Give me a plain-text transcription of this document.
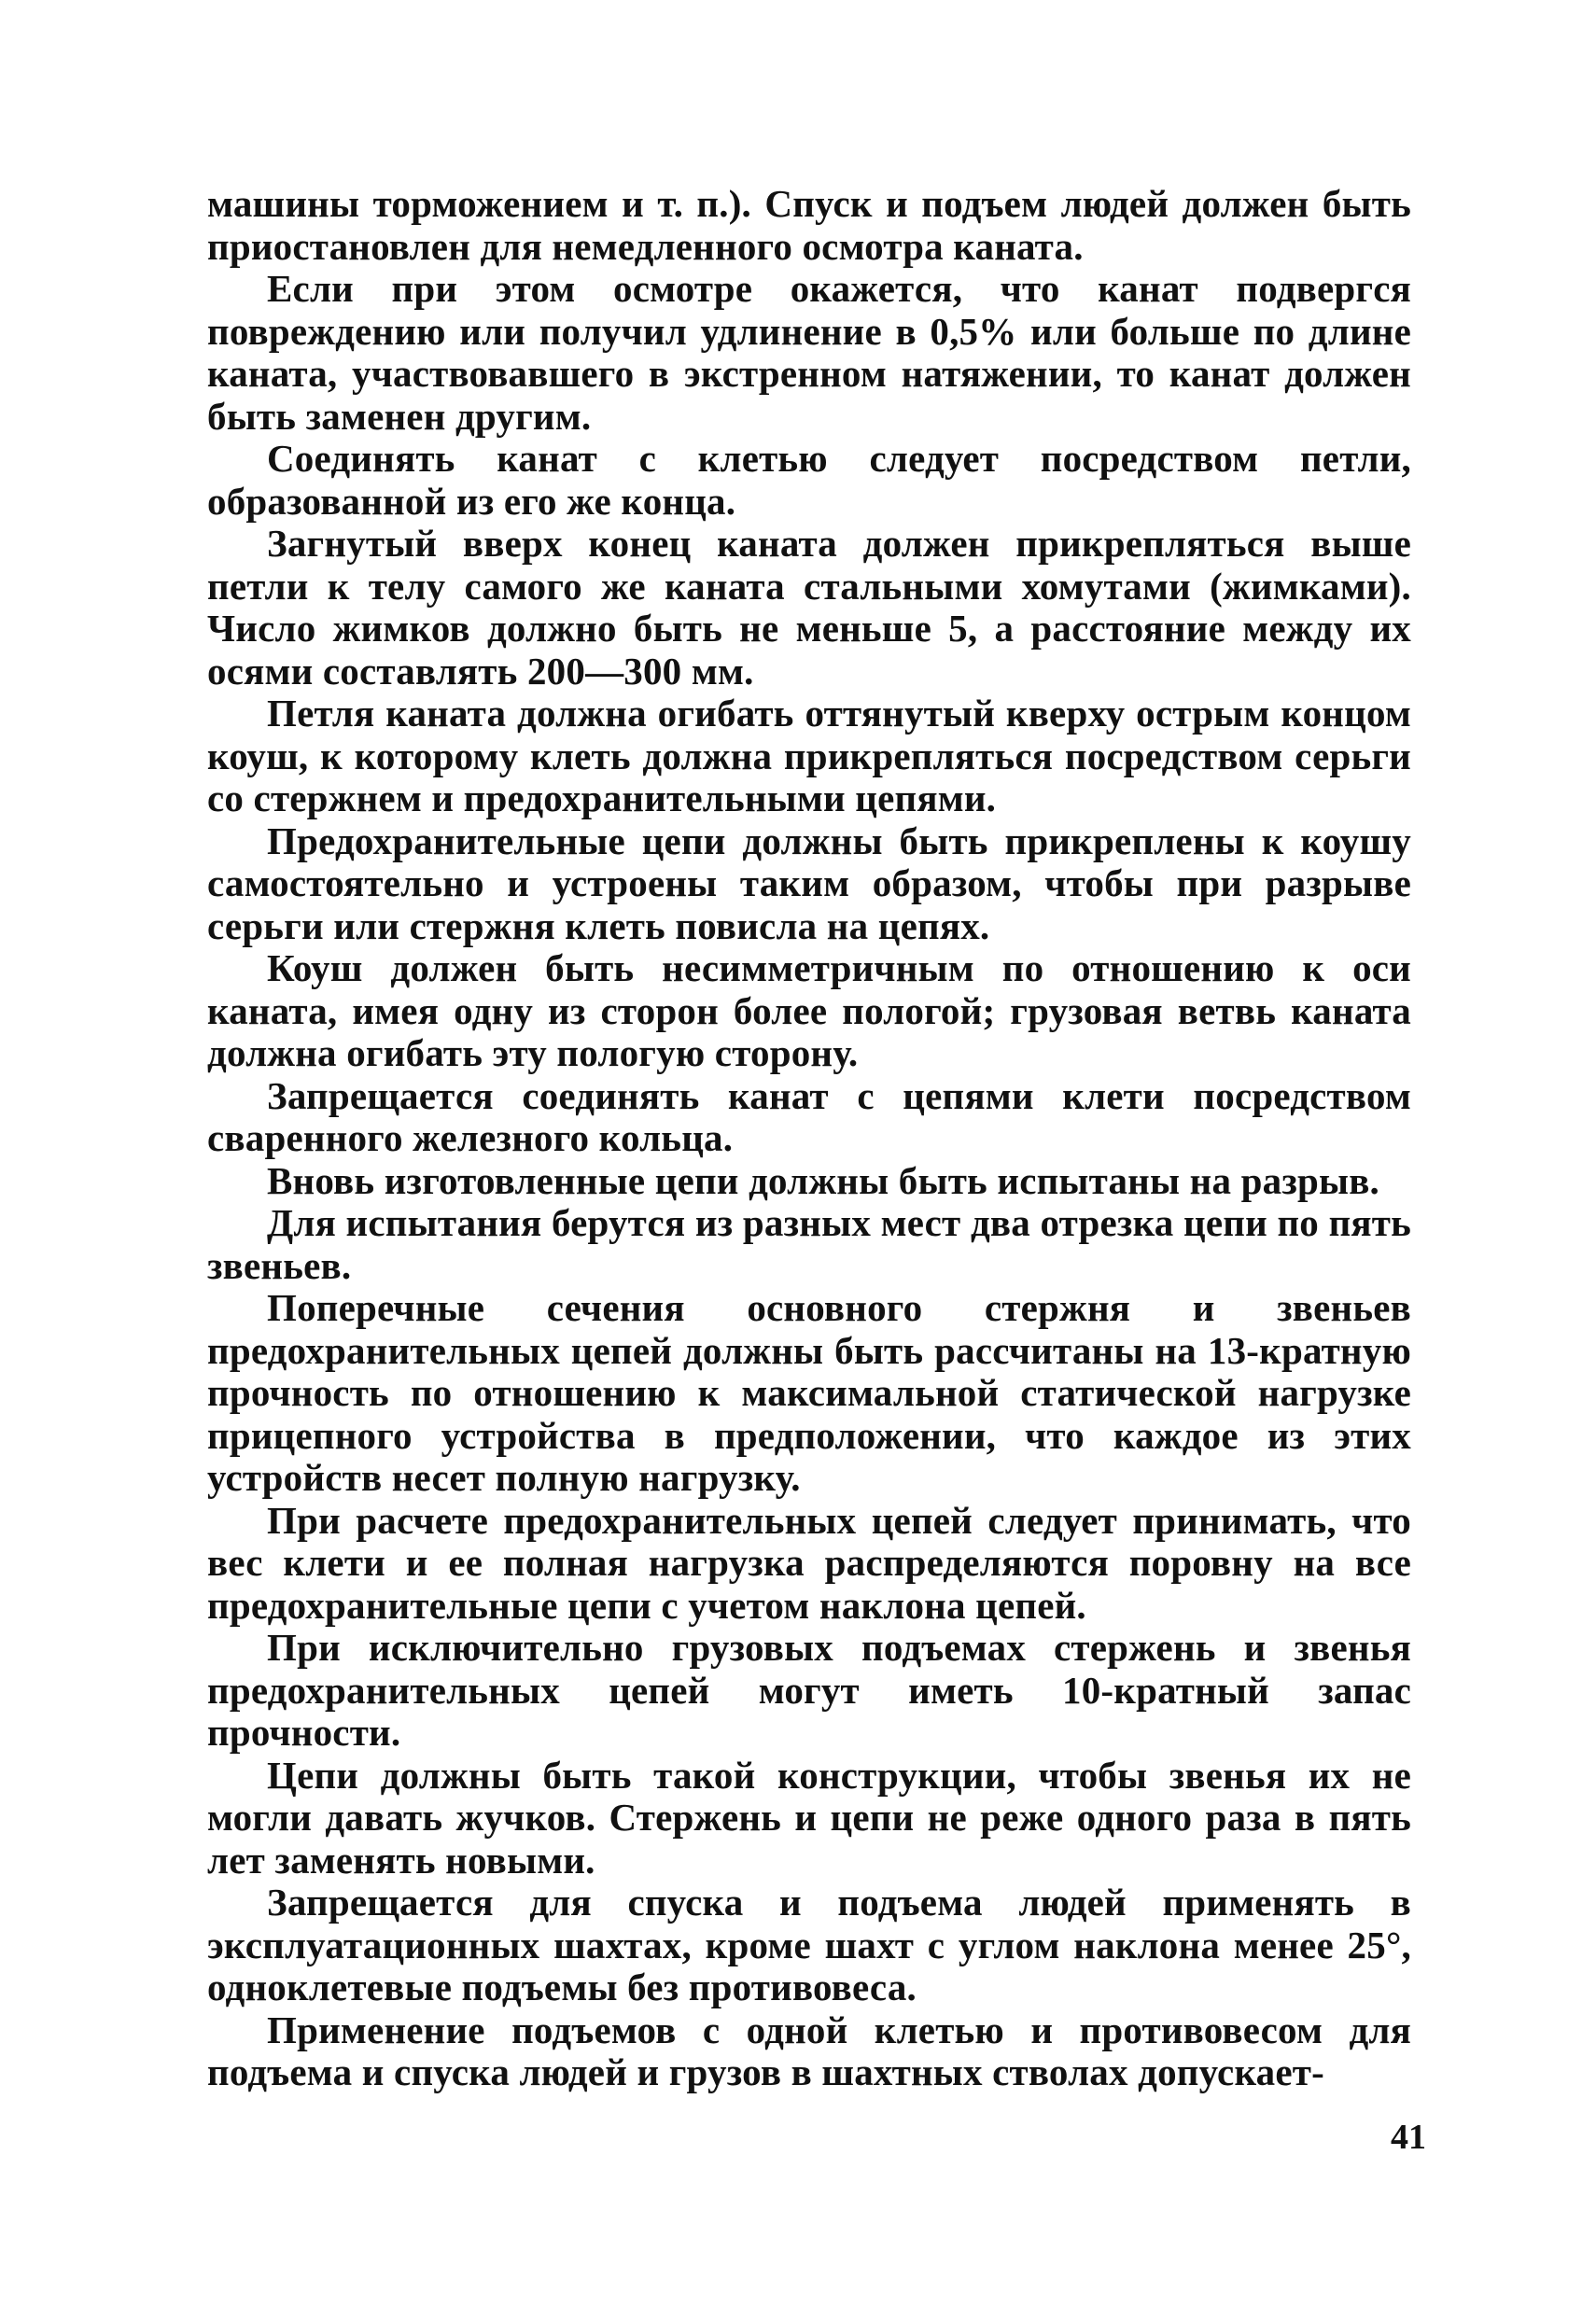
машины торможением и т. п.). Спуск и подъем людей должен быть приостановлен для немедленного осмотра каната.

Если при этом осмотре окажется, что канат подвергся повреждению или получил удлинение в 0,5% или больше по длине каната, участвовавшего в экстренном натяжении, то канат должен быть заменен другим.

Соединять канат с клетью следует посредством петли, образованной из его же конца.

Загнутый вверх конец каната должен прикрепляться выше петли к телу самого же каната стальными хомутами (жимками). Число жимков должно быть не меньше 5, а расстояние между их осями составлять 200—300 мм.

Петля каната должна огибать оттянутый кверху острым концом коуш, к которому клеть должна прикрепляться посредством серьги со стержнем и предохранительными цепями.

Предохранительные цепи должны быть прикреплены к коушу самостоятельно и устроены таким образом, чтобы при разрыве серьги или стержня клеть повисла на цепях.

Коуш должен быть несимметричным по отношению к оси каната, имея одну из сторон более пологой; грузовая ветвь каната должна огибать эту пологую сторону.

Запрещается соединять канат с цепями клети посредством сваренного железного кольца.

Вновь изготовленные цепи должны быть испытаны на разрыв.

Для испытания берутся из разных мест два отрезка цепи по пять звеньев.

Поперечные сечения основного стержня и звеньев предохранительных цепей должны быть рассчитаны на 13-кратную прочность по отношению к максимальной статической нагрузке прицепного устройства в предположении, что каждое из этих устройств несет полную нагрузку.

При расчете предохранительных цепей следует принимать, что вес клети и ее полная нагрузка распределяются поровну на все предохранительные цепи с учетом наклона цепей.

При исключительно грузовых подъемах стержень и звенья предохранительных цепей могут иметь 10-кратный запас прочности.

Цепи должны быть такой конструкции, чтобы звенья их не могли давать жучков. Стержень и цепи не реже одного раза в пять лет заменять новыми.

Запрещается для спуска и подъема людей применять в эксплуатационных шахтах, кроме шахт с углом наклона менее 25°, одноклетевые подъемы без противовеса.

Применение подъемов с одной клетью и противовесом для подъема и спуска людей и грузов в шахтных стволах допускает-

41
